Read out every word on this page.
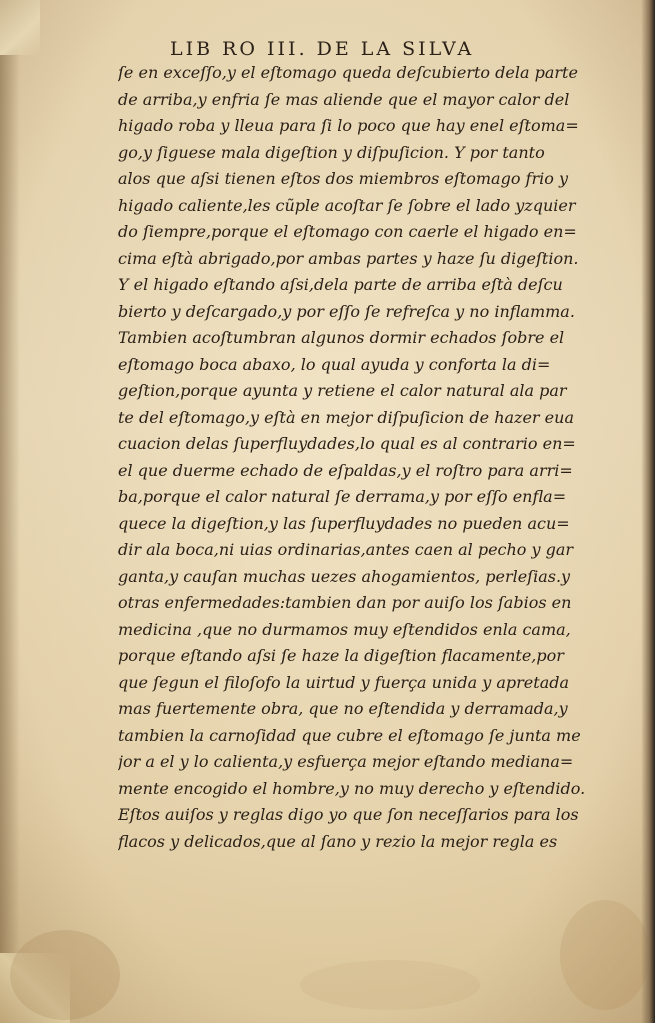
LIB RO III. DE LA SILVA
ſe en exceſſo,y el eſtomago queda deſcubierto dela parte
de arriba,y enfria ſe mas aliende que el mayor calor del
higado roba y lleua para ſi lo poco que hay enel eſtoma=
go,y ſiguese mala digeſtion y diſpuſicion. Y por tanto
alos que aſsi tienen eſtos dos miembros eſtomago frio y
higado caliente,les cũple acoſtar ſe ſobre el lado yzquier
do ſiempre,porque el eſtomago con caerle el higado en=
cima eſtà abrigado,por ambas partes y haze ſu digeſtion.
Y el higado eſtando aſsi,dela parte de arriba eſtà deſcu
bierto y deſcargado,y por eſſo ſe refreſca y no inflamma.
Tambien acoſtumbran algunos dormir echados ſobre el
eſtomago boca abaxo, lo qual ayuda y conforta la di=
geſtion,porque ayunta y retiene el calor natural ala par
te del eſtomago,y eſtà en mejor diſpuſicion de hazer eua
cuacion delas ſuperfluydades,lo qual es al contrario en=
el que duerme echado de eſpaldas,y el roſtro para arri=
ba,porque el calor natural ſe derrama,y por eſſo enfla=
quece la digeſtion,y las ſuperfluydades no pueden acu=
dir ala boca,ni uias ordinarias,antes caen al pecho y gar
ganta,y cauſan muchas uezes ahogamientos, perleſias.y
otras enfermedades:tambien dan por auiſo los ſabios en
medicina ,que no durmamos muy eſtendidos enla cama,
porque eſtando aſsi ſe haze la digeſtion flacamente,por
que ſegun el filoſofo la uirtud y fuerça unida y apretada
mas fuertemente obra, que no eſtendida y derramada,y
tambien la carnoſidad que cubre el eſtomago ſe junta me
jor a el y lo calienta,y esfuerça mejor eſtando mediana=
mente encogido el hombre,y no muy derecho y eſtendido.
Eſtos auiſos y reglas digo yo que ſon neceſſarios para los
flacos y delicados,que al ſano y rezio la mejor regla es
